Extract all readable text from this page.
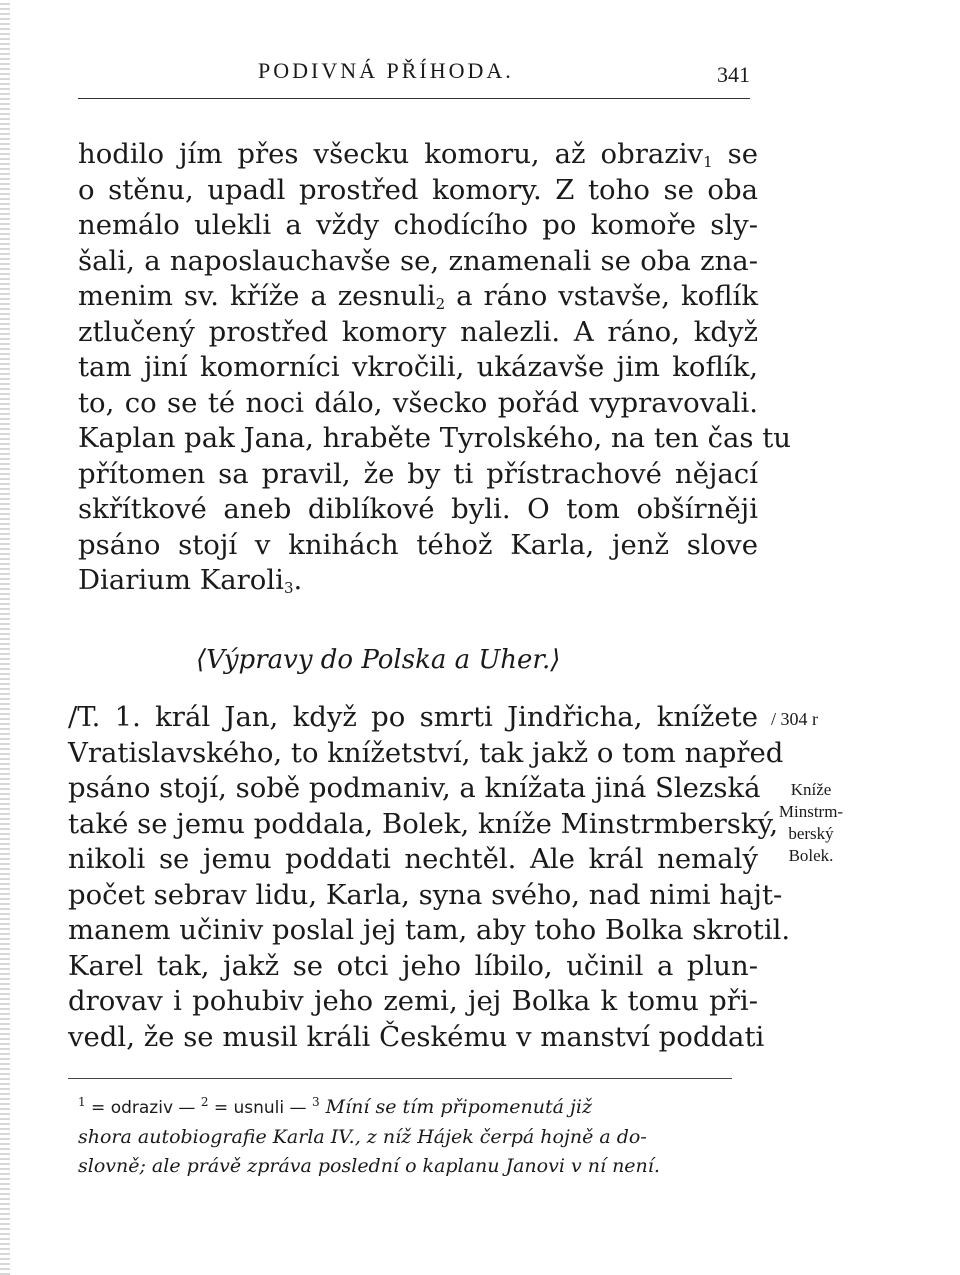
PODIVNÁ PŘÍHODA.	341
hodilo jím přes všecku komoru, až obraziv$_1$ se
o stěnu, upadl prostřed komory. Z toho se oba
nemálo ulekli a vždy chodícího po komoře sly-
šali, a naposlauchavše se, znamenali se oba zna-
menim sv. kříže a zesnuli$_2$ a ráno vstavše, koflík
ztlučený prostřed komory nalezli. A ráno, když
tam jiní komorníci vkročili, ukázavše jim koflík,
to, co se té noci dálo, všecko pořád vypravovali.
Kaplan pak Jana, hraběte Tyrolského, na ten čas tu
přítomen sa pravil, že by ti přístrachové nějací
skřítkové aneb diblíkové byli. O tom obšírněji
psáno stojí v knihách téhož Karla, jenž slove
Diarium Karoli$_3$.
⟨Výpravy do Polska a Uher.⟩
/T. 1. král Jan, když po smrti Jindřicha, knížete
Vratislavského, to knížetství, tak jakž o tom napřed
psáno stojí, sobě podmaniv, a knížata jiná Slezská
také se jemu poddala, Bolek, kníže Minstrmberský,
nikoli se jemu poddati nechtěl. Ale král nemalý
počet sebrav lidu, Karla, syna svého, nad nimi hajt-
manem učiniv poslal jej tam, aby toho Bolka skrotil.
Karel tak, jakž se otci jeho líbilo, učinil a plun-
drovav i pohubiv jeho zemi, jej Bolka k tomu při-
vedl, že se musil králi Českému v manství poddati
/ 304 r
Kníže
Minstrm-
berský
Bolek.
$^1$ = odraziv — $^2$ = usnuli — $^3$ Míní se tím připomenutá již
shora autobiografie Karla IV., z níž Hájek čerpá hojně a do-
slovně; ale právě zpráva poslední o kaplanu Janovi v ní není.
